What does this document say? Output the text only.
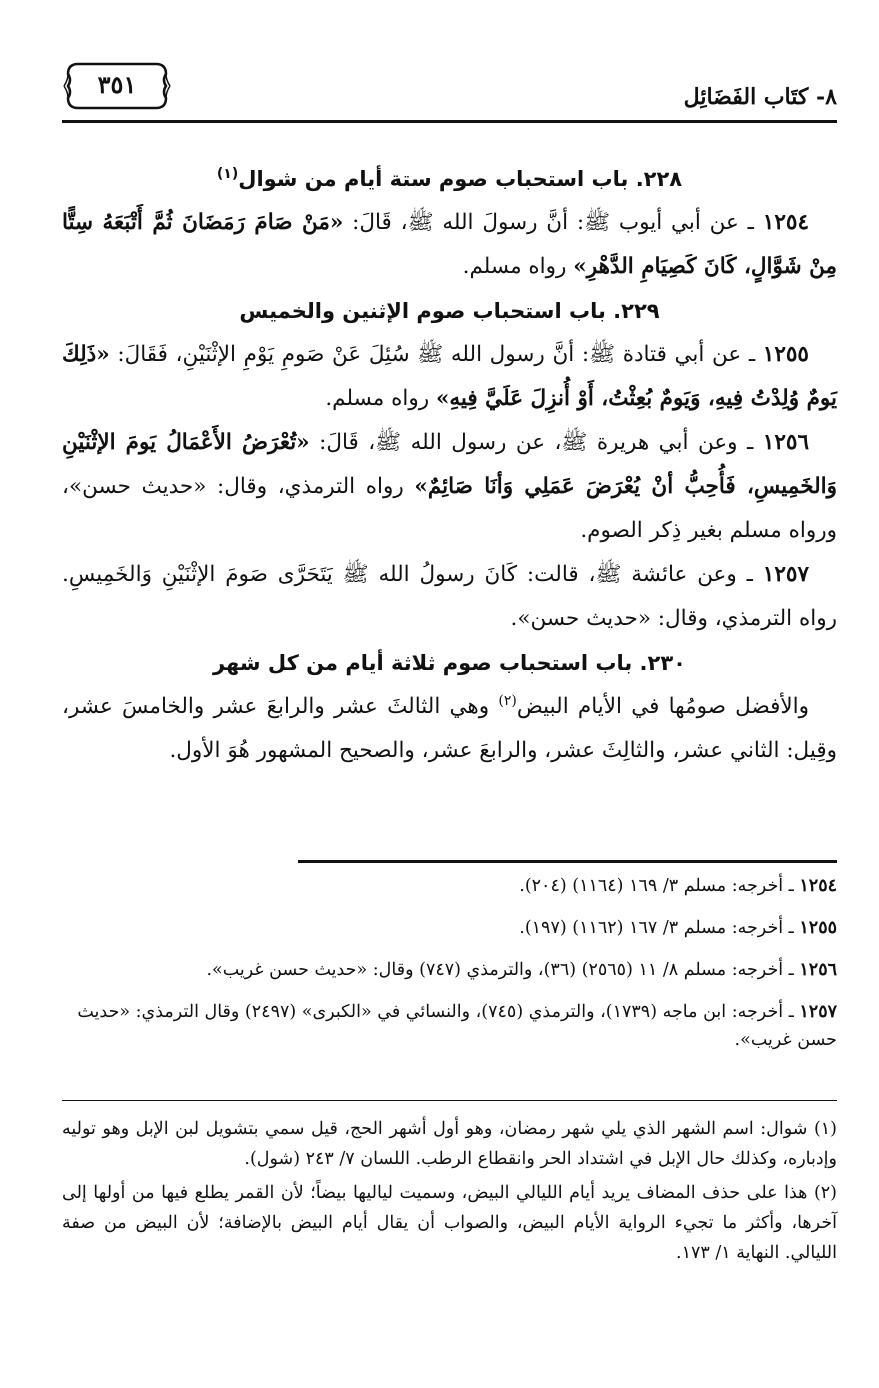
٨- كتَاب الفَضَائِل
٣٥١
٢٢٨. باب استحباب صوم ستة أيام من شوال$^{(١)}$

١٢٥٤ ـ عن أبي أيوب ﷺ: أنَّ رسولَ الله ﷺ، قَالَ: «مَنْ صَامَ رَمَضَانَ ثُمَّ أَتْبَعَهُ سِتًّا مِنْ شَوَّالٍ، كَانَ كَصِيَامِ الدَّهْرِ» رواه مسلم.

٢٢٩. باب استحباب صوم الإثنين والخميس

١٢٥٥ ـ عن أبي قتادة ﷺ: أنَّ رسول الله ﷺ سُئِلَ عَنْ صَومِ يَوْمِ الإثْنَيْنِ، فَقَالَ: «ذَلِكَ يَومٌ وُلِدْتُ فِيهِ، وَيَومٌ بُعِثْتُ، أَوْ أُنزِلَ عَلَيَّ فِيهِ» رواه مسلم.

١٢٥٦ ـ وعن أبي هريرة ﷺ، عن رسول الله ﷺ، قَالَ: «تُعْرَضُ الأَعْمَالُ يَومَ الإثْنَيْنِ وَالخَمِيسِ، فَأُحِبُّ أنْ يُعْرَضَ عَمَلِي وَأنَا صَائِمٌ» رواه الترمذي، وقال: «حديث حسن»، ورواه مسلم بغير ذِكر الصوم.

١٢٥٧ ـ وعن عائشة ﷺ، قالت: كَانَ رسولُ الله ﷺ يَتَحَرَّى صَومَ الإثْنَيْنِ وَالخَمِيسِ. رواه الترمذي، وقال: «حديث حسن».

٢٣٠. باب استحباب صوم ثلاثة أيام من كل شهر

والأفضل صومُها في الأيام البيض$^{(٢)}$ وهي الثالثَ عشر والرابعَ عشر والخامسَ عشر، وقِيل: الثاني عشر، والثالِثَ عشر، والرابعَ عشر، والصحيح المشهور هُوَ الأول.

١٢٥٤ ـ أخرجه: مسلم ٣/ ١٦٩ (١١٦٤) (٢٠٤).

١٢٥٥ ـ أخرجه: مسلم ٣/ ١٦٧ (١١٦٢) (١٩٧).

١٢٥٦ ـ أخرجه: مسلم ٨/ ١١ (٢٥٦٥) (٣٦)، والترمذي (٧٤٧) وقال: «حديث حسن غريب».

١٢٥٧ ـ أخرجه: ابن ماجه (١٧٣٩)، والترمذي (٧٤٥)، والنسائي في «الكبرى» (٢٤٩٧) وقال الترمذي: «حديث حسن غريب».

(١) شوال: اسم الشهر الذي يلي شهر رمضان، وهو أول أشهر الحج، قيل سمي بتشويل لبن الإبل وهو توليه وإدباره، وكذلك حال الإبل في اشتداد الحر وانقطاع الرطب. اللسان ٧/ ٢٤٣ (شول).

(٢) هذا على حذف المضاف يريد أيام الليالي البيض، وسميت لياليها بيضاً؛ لأن القمر يطلع فيها من أولها إلى آخرها، وأكثر ما تجيء الرواية الأيام البيض، والصواب أن يقال أيام البيض بالإضافة؛ لأن البيض من صفة الليالي. النهاية ١/ ١٧٣.
